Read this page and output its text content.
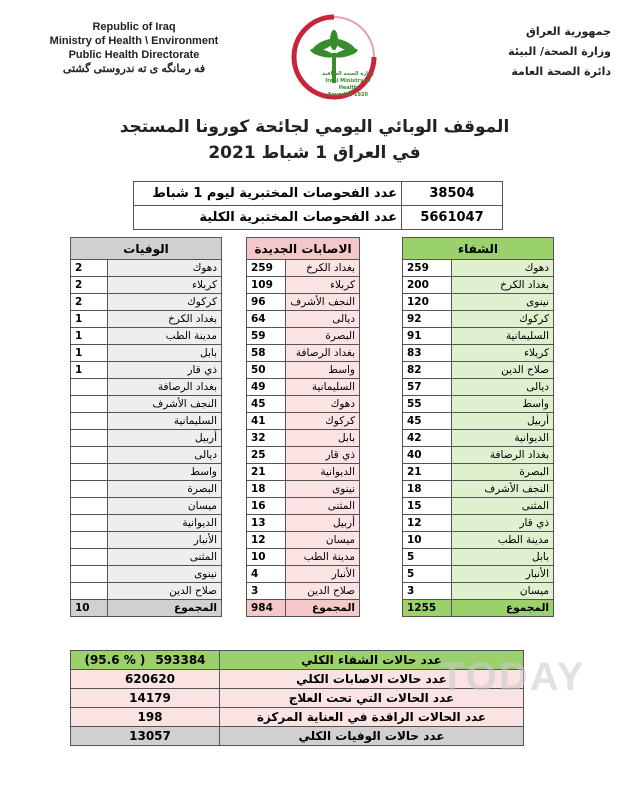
Republic of Iraq
Ministry of Health \ Environment
Public Health Directorate
فه رمانگه ى ته ندروستى گشتى	وزارة الصحة العراقية
Iraqi Ministry of Health
Founded 1920
جمهورية العراق
وزارة الصحة/ البيئة
دائرة الصحة العامة
الموقف الوبائي اليومي لجائحة كورونا المستجد
في العراق 1 شباط 2021
عدد الفحوصات المختبرية ليوم 1 شباط	38504
عدد الفحوصات المختبرية الكلية	5661047
الوفيات	
2	دهوك
2	كربلاء
2	كركوك
1	بغداد الكرخ
1	مدينة الطب
1	بابل
1	ذي قار
	بغداد الرصافة
	النجف الأشرف
	السليمانية
	أربيل
	ديالى
	واسط
	البصرة
	ميسان
	الديوانية
	الأنبار
	المثنى
	نينوى
	صلاح الدين
10	المجموع
الاصابات الجديدة	
259	بغداد الكرخ
109	كربلاء
96	النجف الأشرف
64	ديالى
59	البصرة
58	بغداد الرصافة
50	واسط
49	السليمانية
45	دهوك
41	كركوك
32	بابل
25	ذي قار
21	الديوانية
18	نينوى
16	المثنى
13	أربيل
12	ميسان
10	مدينة الطب
4	الأنبار
3	صلاح الدين
984	المجموع
الشفاء	
259	دهوك
200	بغداد الكرخ
120	نينوى
92	كركوك
91	السليمانية
83	كربلاء
82	صلاح الدين
57	ديالى
55	واسط
45	أربيل
42	الديوانية
40	بغداد الرصافة
21	البصرة
18	النجف الأشرف
15	المثنى
12	ذي قار
10	مدينة الطب
5	بابل
5	الأنبار
3	ميسان
1255	المجموع
(95.6 % ) 593384	عدد حالات الشفاء الكلي
620620	عدد حالات الاصابات الكلي
14179	عدد الحالات التي تحت العلاج
198	عدد الحالات الراقدة في العناية المركزة
13057	عدد حالات الوفيات الكلي
TODAY
